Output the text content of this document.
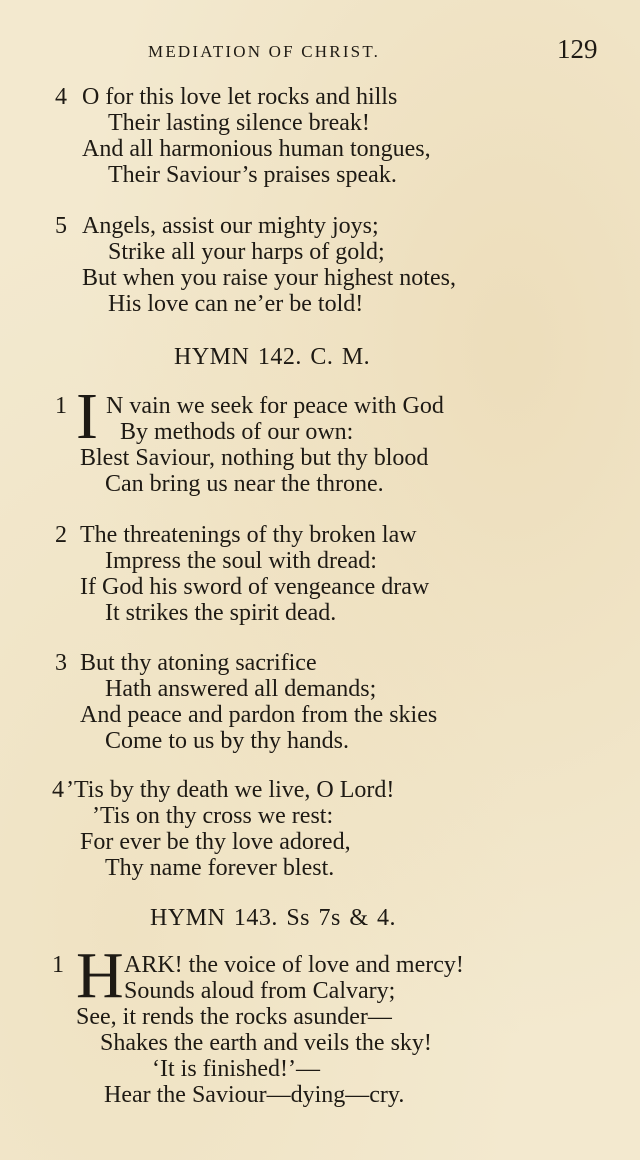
MEDIATION OF CHRIST.	129
4 O for this love let rocks and hills
Their lasting silence break!
And all harmonious human tongues,
Their Saviour’s praises speak.
5 Angels, assist our mighty joys;
Strike all your harps of gold;
But when you raise your highest notes,
His love can ne’er be told!
HYMN 142. C. M.
1 I N vain we seek for peace with God
By methods of our own:
Blest Saviour, nothing but thy blood
Can bring us near the throne.
2 The threatenings of thy broken law
Impress the soul with dread:
If God his sword of vengeance draw
It strikes the spirit dead.
3 But thy atoning sacrifice
Hath answered all demands;
And peace and pardon from the skies
Come to us by thy hands.
4 ’Tis by thy death we live, O Lord!
’Tis on thy cross we rest:
For ever be thy love adored,
Thy name forever blest.
HYMN 143. Ss 7s & 4.
1 H ARK! the voice of love and mercy!
Sounds aloud from Calvary;
See, it rends the rocks asunder—
Shakes the earth and veils the sky!
‘It is finished!’—
Hear the Saviour—dying—cry.
